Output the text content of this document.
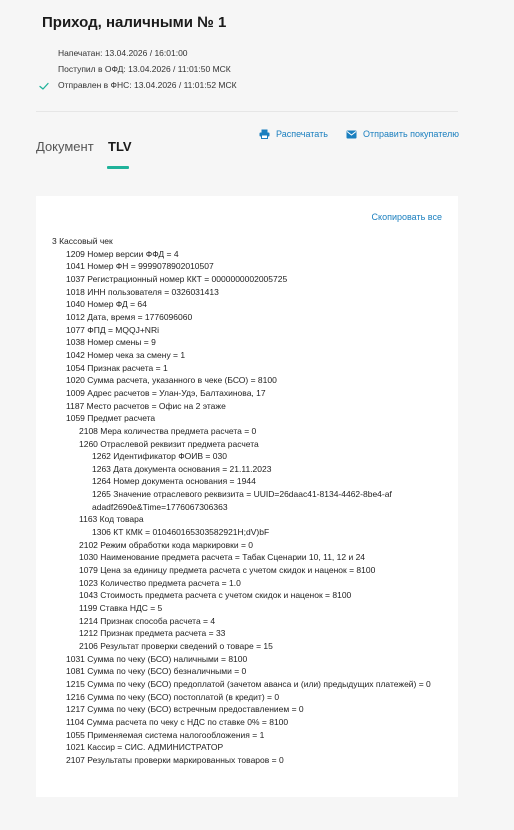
Приход, наличными № 1
Напечатан: 13.04.2026 / 16:01:00
Поступил в ОФД: 13.04.2026 / 11:01:50 МСК
Отправлен в ФНС: 13.04.2026 / 11:01:52 МСК
Документ TLV
Распечатать	Отправить покупателю
Скопировать все
3 Кассовый чек
1209 Номер версии ФФД = 4
1041 Номер ФН = 9999078902010507
1037 Регистрационный номер ККТ = 0000000002005725
1018 ИНН пользователя = 0326031413
1040 Номер ФД = 64
1012 Дата, время = 1776096060
1077 ФПД = MQQJ+NRi
1038 Номер смены = 9
1042 Номер чека за смену = 1
1054 Признак расчета = 1
1020 Сумма расчета, указанного в чеке (БСО) = 8100
1009 Адрес расчетов = Улан-Удэ, Балтахинова, 17
1187 Место расчетов = Офис на 2 этаже
1059 Предмет расчета
2108 Мера количества предмета расчета = 0
1260 Отраслевой реквизит предмета расчета
1262 Идентификатор ФОИВ = 030
1263 Дата документа основания = 21.11.2023
1264 Номер документа основания = 1944
1265 Значение отраслевого реквизита = UUID=26daac41-8134-4462-8be4-afadadf2690e&Time=1776067306363
1163 Код товара
1306 КТ КМК = 010460165303582921H;dV)bF
2102 Режим обработки кода маркировки = 0
1030 Наименование предмета расчета = Табак Сценарии 10, 11, 12 и 24
1079 Цена за единицу предмета расчета с учетом скидок и наценок = 8100
1023 Количество предмета расчета = 1.0
1043 Стоимость предмета расчета с учетом скидок и наценок = 8100
1199 Ставка НДС = 5
1214 Признак способа расчета = 4
1212 Признак предмета расчета = 33
2106 Результат проверки сведений о товаре = 15
1031 Сумма по чеку (БСО) наличными = 8100
1081 Сумма по чеку (БСО) безналичными = 0
1215 Сумма по чеку (БСО) предоплатой (зачетом аванса и (или) предыдущих платежей) = 0
1216 Сумма по чеку (БСО) постоплатой (в кредит) = 0
1217 Сумма по чеку (БСО) встречным предоставлением = 0
1104 Сумма расчета по чеку с НДС по ставке 0% = 8100
1055 Применяемая система налогообложения = 1
1021 Кассир = СИС. АДМИНИСТРАТОР
2107 Результаты проверки маркированных товаров = 0
